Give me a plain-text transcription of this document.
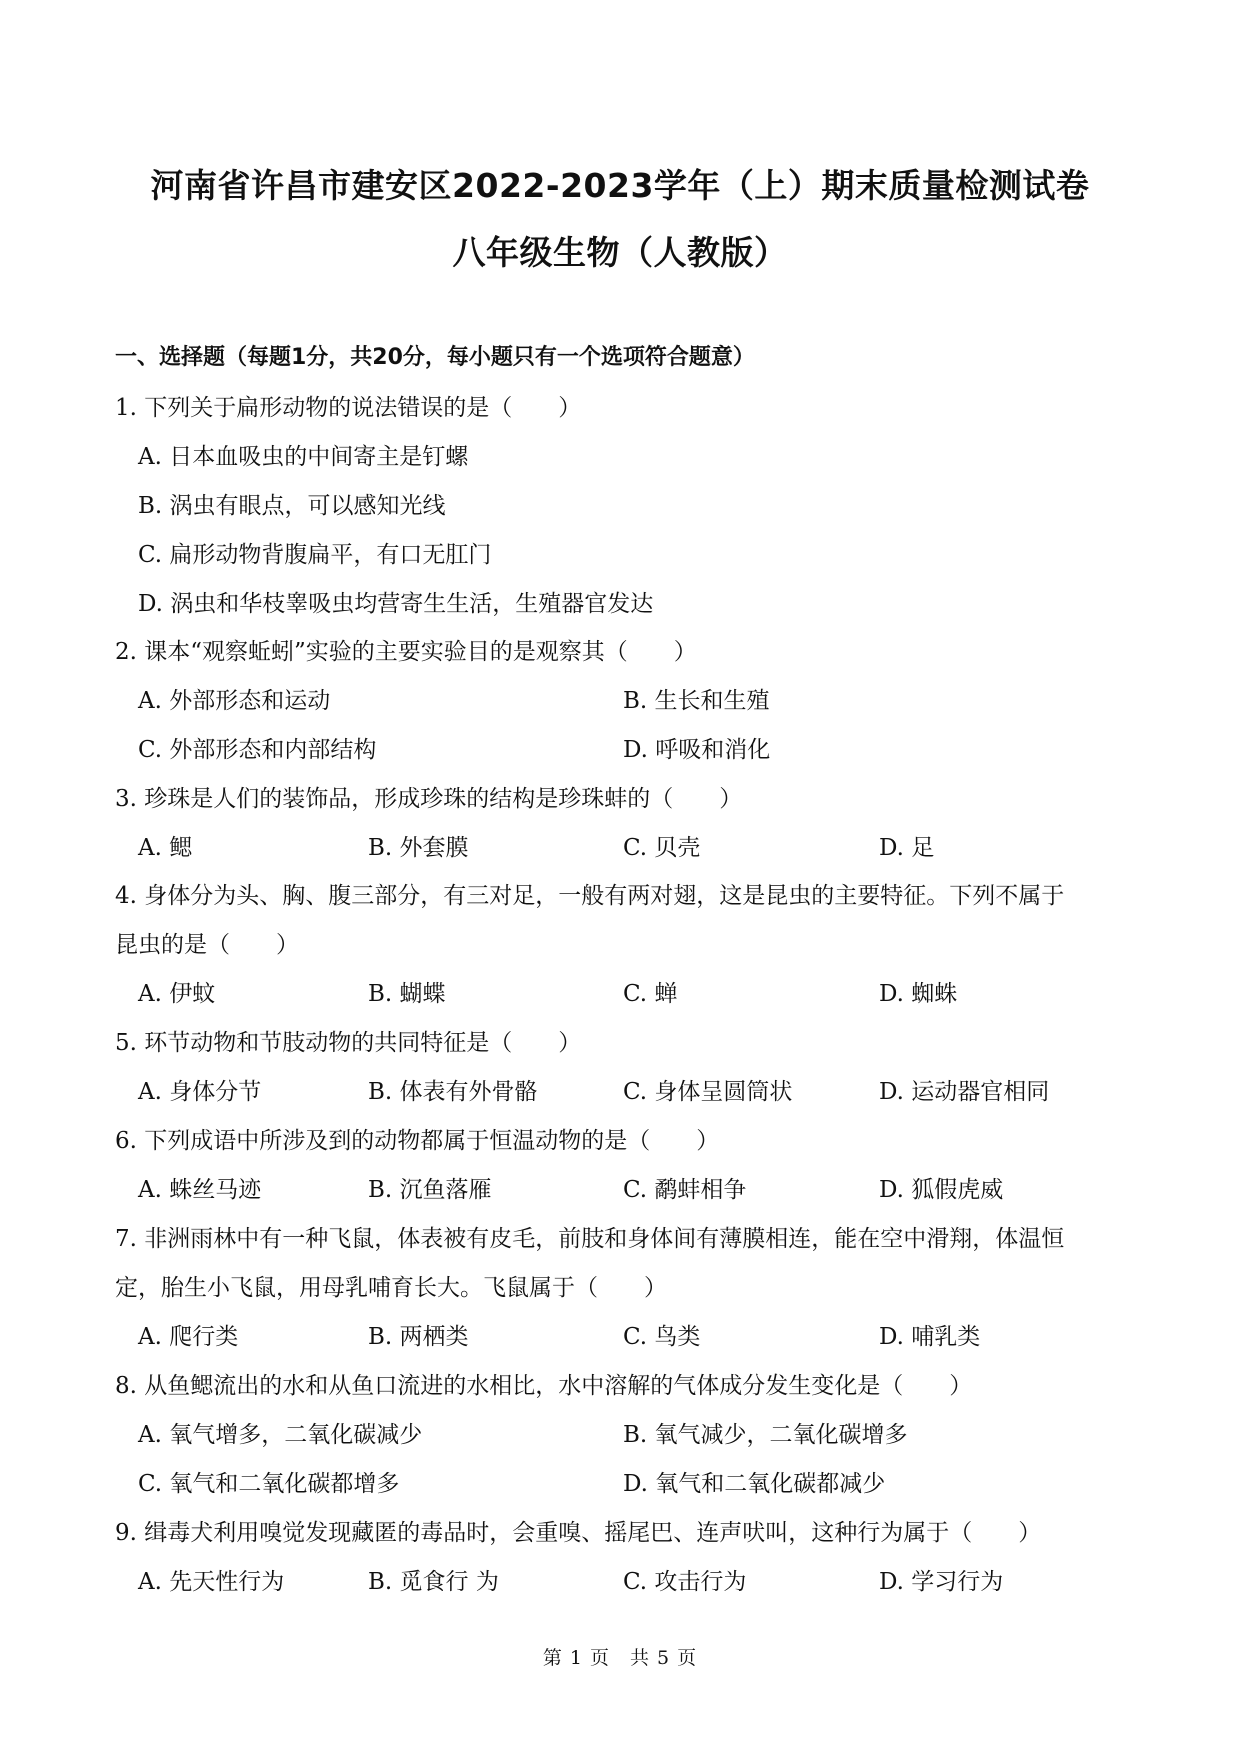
河南省许昌市建安区2022-2023学年（上）期末质量检测试卷
八年级生物（人教版）
一、选择题（每题1分，共20分，每小题只有一个选项符合题意）
1. 下列关于扁形动物的说法错误的是（　　）
A. 日本血吸虫的中间寄主是钉螺
B. 涡虫有眼点，可以感知光线
C. 扁形动物背腹扁平，有口无肛门
D. 涡虫和华枝睾吸虫均营寄生生活，生殖器官发达
2. 课本“观察蚯蚓”实验的主要实验目的是观察其（　　）
A. 外部形态和运动	B. 生长和生殖
C. 外部形态和内部结构	D. 呼吸和消化
3. 珍珠是人们的装饰品，形成珍珠的结构是珍珠蚌的（　　）
A. 鳃	B. 外套膜	C. 贝壳	D. 足
4. 身体分为头、胸、腹三部分，有三对足，一般有两对翅，这是昆虫的主要特征。下列不属于
昆虫的是（　　）
A. 伊蚊	B. 蝴蝶	C. 蝉	D. 蜘蛛
5. 环节动物和节肢动物的共同特征是（　　）
A. 身体分节	B. 体表有外骨骼	C. 身体呈圆筒状	D. 运动器官相同
6. 下列成语中所涉及到的动物都属于恒温动物的是（　　）
A. 蛛丝马迹	B. 沉鱼落雁	C. 鹬蚌相争	D. 狐假虎威
7. 非洲雨林中有一种飞鼠，体表被有皮毛，前肢和身体间有薄膜相连，能在空中滑翔，体温恒
定，胎生小飞鼠，用母乳哺育长大。飞鼠属于（　　）
A. 爬行类	B. 两栖类	C. 鸟类	D. 哺乳类
8. 从鱼鳃流出的水和从鱼口流进的水相比，水中溶解的气体成分发生变化是（　　）
A. 氧气增多，二氧化碳减少	B. 氧气减少，二氧化碳增多
C. 氧气和二氧化碳都增多	D. 氧气和二氧化碳都减少
9. 缉毒犬利用嗅觉发现藏匿的毒品时，会重嗅、摇尾巴、连声吠叫，这种行为属于（　　）
A. 先天性行为	B. 觅食行 为	C. 攻击行为	D. 学习行为
第 1 页　共 5 页
